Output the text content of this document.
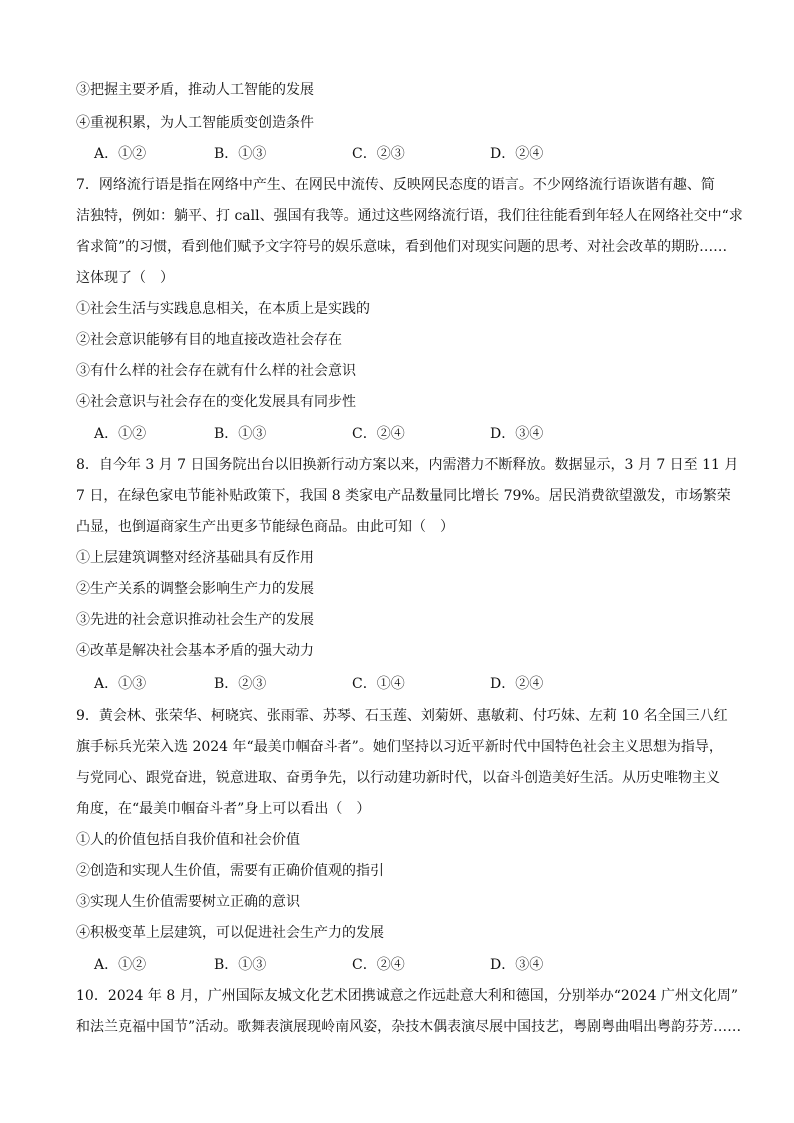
③把握主要矛盾，推动人工智能的发展
④重视积累，为人工智能质变创造条件
A．①②	B．①③	C．②③	D．②④
7．网络流行语是指在网络中产生、在网民中流传、反映网民态度的语言。不少网络流行语诙谐有趣、简
洁独特，例如：躺平、打 call、强国有我等。通过这些网络流行语，我们往往能看到年轻人在网络社交中“求
省求简”的习惯，看到他们赋予文字符号的娱乐意味，看到他们对现实问题的思考、对社会改革的期盼……
这体现了（　）
①社会生活与实践息息相关，在本质上是实践的
②社会意识能够有目的地直接改造社会存在
③有什么样的社会存在就有什么样的社会意识
④社会意识与社会存在的变化发展具有同步性
A．①②	B．①③	C．②④	D．③④
8．自今年 3 月 7 日国务院出台以旧换新行动方案以来，内需潜力不断释放。数据显示，3 月 7 日至 11 月
7 日，在绿色家电节能补贴政策下，我国 8 类家电产品数量同比增长 79%。居民消费欲望激发，市场繁荣
凸显，也倒逼商家生产出更多节能绿色商品。由此可知（　）
①上层建筑调整对经济基础具有反作用
②生产关系的调整会影响生产力的发展
③先进的社会意识推动社会生产的发展
④改革是解决社会基本矛盾的强大动力
A．①③	B．②③	C．①④	D．②④
9．黄会林、张荣华、柯晓宾、张雨霏、苏琴、石玉莲、刘菊妍、惠敏莉、付巧妹、左莉 10 名全国三八红
旗手标兵光荣入选 2024 年“最美巾帼奋斗者”。她们坚持以习近平新时代中国特色社会主义思想为指导，
与党同心、跟党奋进，锐意进取、奋勇争先，以行动建功新时代，以奋斗创造美好生活。从历史唯物主义
角度，在“最美巾帼奋斗者”身上可以看出（　）
①人的价值包括自我价值和社会价值
②创造和实现人生价值，需要有正确价值观的指引
③实现人生价值需要树立正确的意识
④积极变革上层建筑，可以促进社会生产力的发展
A．①②	B．①③	C．②④	D．③④
10．2024 年 8 月，广州国际友城文化艺术团携诚意之作远赴意大利和德国，分别举办“2024 广州文化周”
和法兰克福中国节”活动。歌舞表演展现岭南风姿，杂技木偶表演尽展中国技艺，粤剧粤曲唱出粤韵芬芳……
